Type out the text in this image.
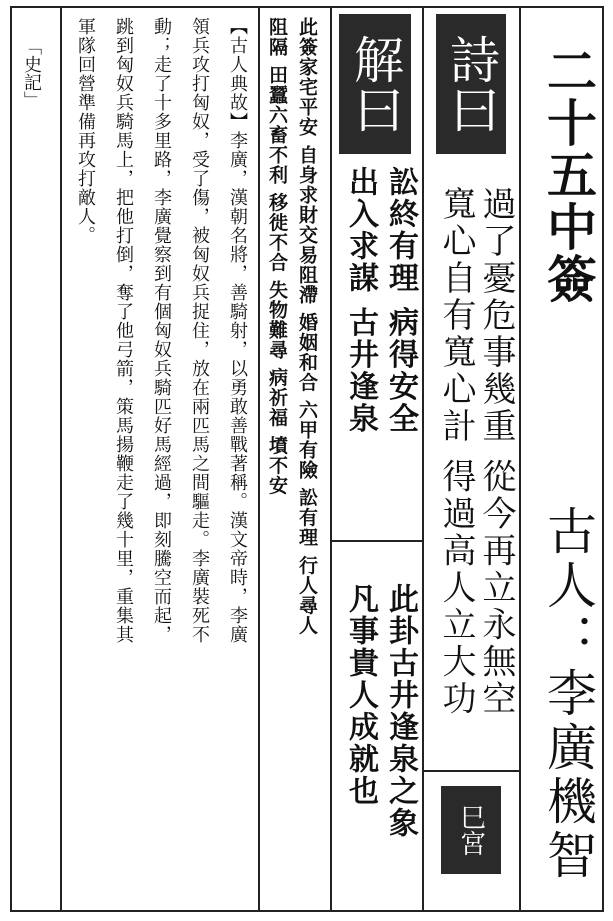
二十五中簽
古人：李廣機智
詩曰
過了憂危事幾重 從今再立永無空
寬心自有寬心計 得過高人立大功
巳宮
解曰
訟終有理 病得安全
出入求謀 古井逢泉
此卦古井逢泉之象
凡事貴人成就也
此簽家宅平安 自身求財交易阻滯 婚姻和合 六甲有險 訟有理 行人尋人
阻隔 田蠶六畜不利 移徙不合 失物難尋 病祈福 墳不安
【古人典故】李廣，漢朝名將，善騎射，以勇敢善戰著稱。漢文帝時，李廣
領兵攻打匈奴，受了傷，被匈奴兵捉住，放在兩匹馬之間驅走。李廣裝死不
動；走了十多里路，李廣覺察到有個匈奴兵騎匹好馬經過，即刻騰空而起，
跳到匈奴兵騎馬上，把他打倒，奪了他弓箭，策馬揚鞭走了幾十里，重集其
軍隊回營準備再攻打敵人。
「史記」
